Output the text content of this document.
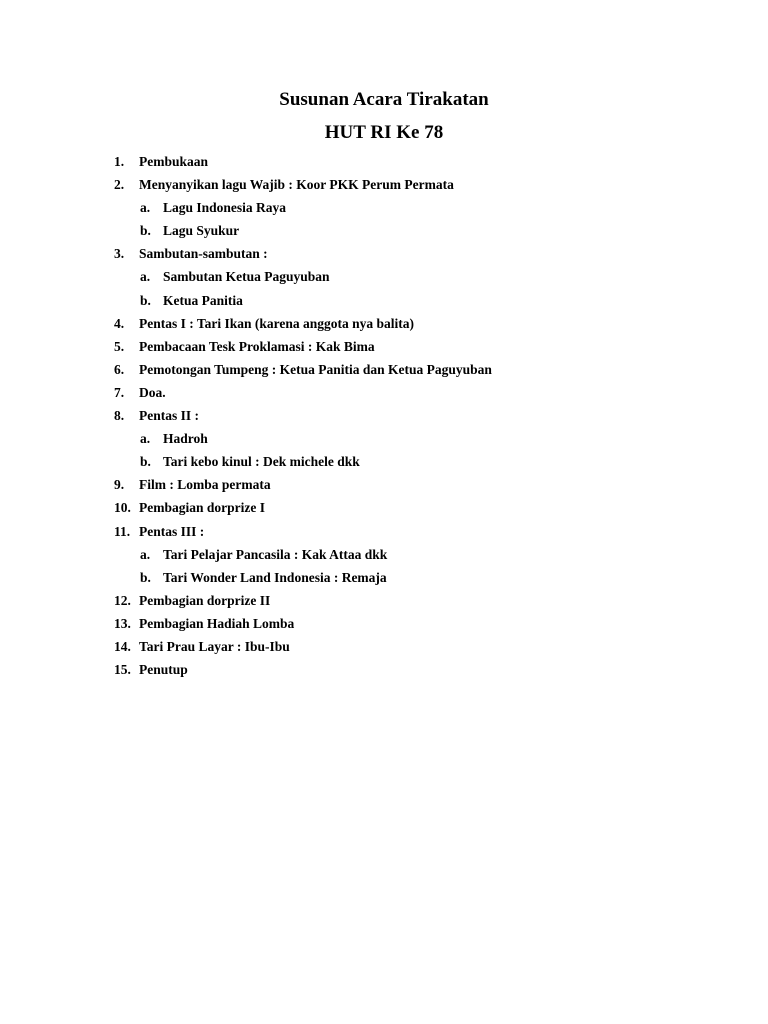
Susunan Acara Tirakatan
HUT RI Ke 78
1.	Pembukaan
2.	Menyanyikan lagu Wajib : Koor PKK Perum Permata
a. Lagu Indonesia Raya
b. Lagu Syukur
3.	Sambutan-sambutan :
a. Sambutan Ketua Paguyuban
b. Ketua Panitia
4.	Pentas I : Tari Ikan (karena anggota nya balita)
5.	Pembacaan Tesk Proklamasi : Kak Bima
6.	Pemotongan Tumpeng : Ketua Panitia dan Ketua Paguyuban
7.	Doa.
8.	Pentas II :
a. Hadroh
b. Tari kebo kinul : Dek michele dkk
9.	Film : Lomba permata
10. Pembagian dorprize I
11. Pentas III :
a. Tari Pelajar Pancasila : Kak Attaa dkk
b. Tari Wonder Land Indonesia : Remaja
12. Pembagian dorprize II
13. Pembagian Hadiah Lomba
14. Tari Prau Layar : Ibu-Ibu
15. Penutup
